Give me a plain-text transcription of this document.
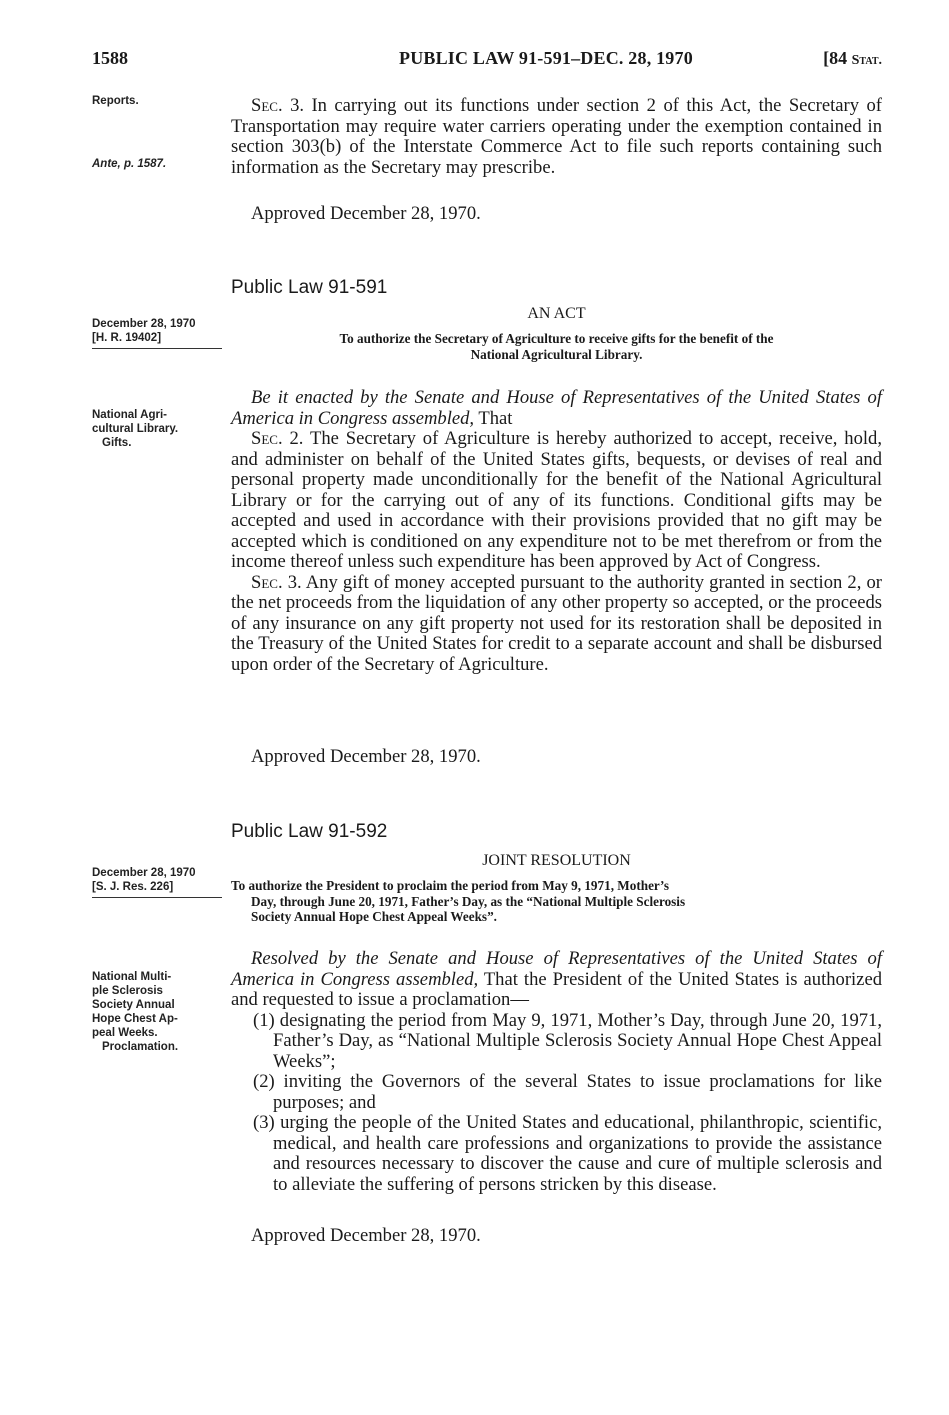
1588	PUBLIC LAW 91-591–DEC. 28, 1970	[84 Stat.
Reports.
Ante, p. 1587.

Sec. 3. In carrying out its functions under section 2 of this Act, the Secretary of Transportation may require water carriers operating under the exemption contained in section 303(b) of the Interstate Commerce Act to file such reports containing such information as the Secretary may prescribe.

Approved December 28, 1970.
Public Law 91-591
AN ACT
December 28, 1970
[H. R. 19402]	To authorize the Secretary of Agriculture to receive gifts for the benefit of the
National Agricultural Library.
National Agri-
cultural Library.
Gifts.

Be it enacted by the Senate and House of Representatives of the United States of America in Congress assembled, That

Sec. 2. The Secretary of Agriculture is hereby authorized to accept, receive, hold, and administer on behalf of the United States gifts, bequests, or devises of real and personal property made unconditionally for the benefit of the National Agricultural Library or for the carrying out of any of its functions. Conditional gifts may be accepted and used in accordance with their provisions provided that no gift may be accepted which is conditioned on any expenditure not to be met therefrom or from the income thereof unless such expenditure has been approved by Act of Congress.

Sec. 3. Any gift of money accepted pursuant to the authority granted in section 2, or the net proceeds from the liquidation of any other property so accepted, or the proceeds of any insurance on any gift property not used for its restoration shall be deposited in the Treasury of the United States for credit to a separate account and shall be disbursed upon order of the Secretary of Agriculture.

Approved December 28, 1970.
Public Law 91-592
JOINT RESOLUTION
December 28, 1970
[S. J. Res. 226]	To authorize the President to proclaim the period from May 9, 1971, Mother’s
Day, through June 20, 1971, Father’s Day, as the “National Multiple Sclerosis
Society Annual Hope Chest Appeal Weeks”.
National Multi-
ple Sclerosis
Society Annual
Hope Chest Ap-
peal Weeks.
Proclamation.

Resolved by the Senate and House of Representatives of the United States of America in Congress assembled, That the President of the United States is authorized and requested to issue a proclamation—

(1) designating the period from May 9, 1971, Mother’s Day, through June 20, 1971, Father’s Day, as “National Multiple Sclerosis Society Annual Hope Chest Appeal Weeks”;

(2) inviting the Governors of the several States to issue proclamations for like purposes; and

(3) urging the people of the United States and educational, philanthropic, scientific, medical, and health care professions and organizations to provide the assistance and resources necessary to discover the cause and cure of multiple sclerosis and to alleviate the suffering of persons stricken by this disease.

Approved December 28, 1970.
